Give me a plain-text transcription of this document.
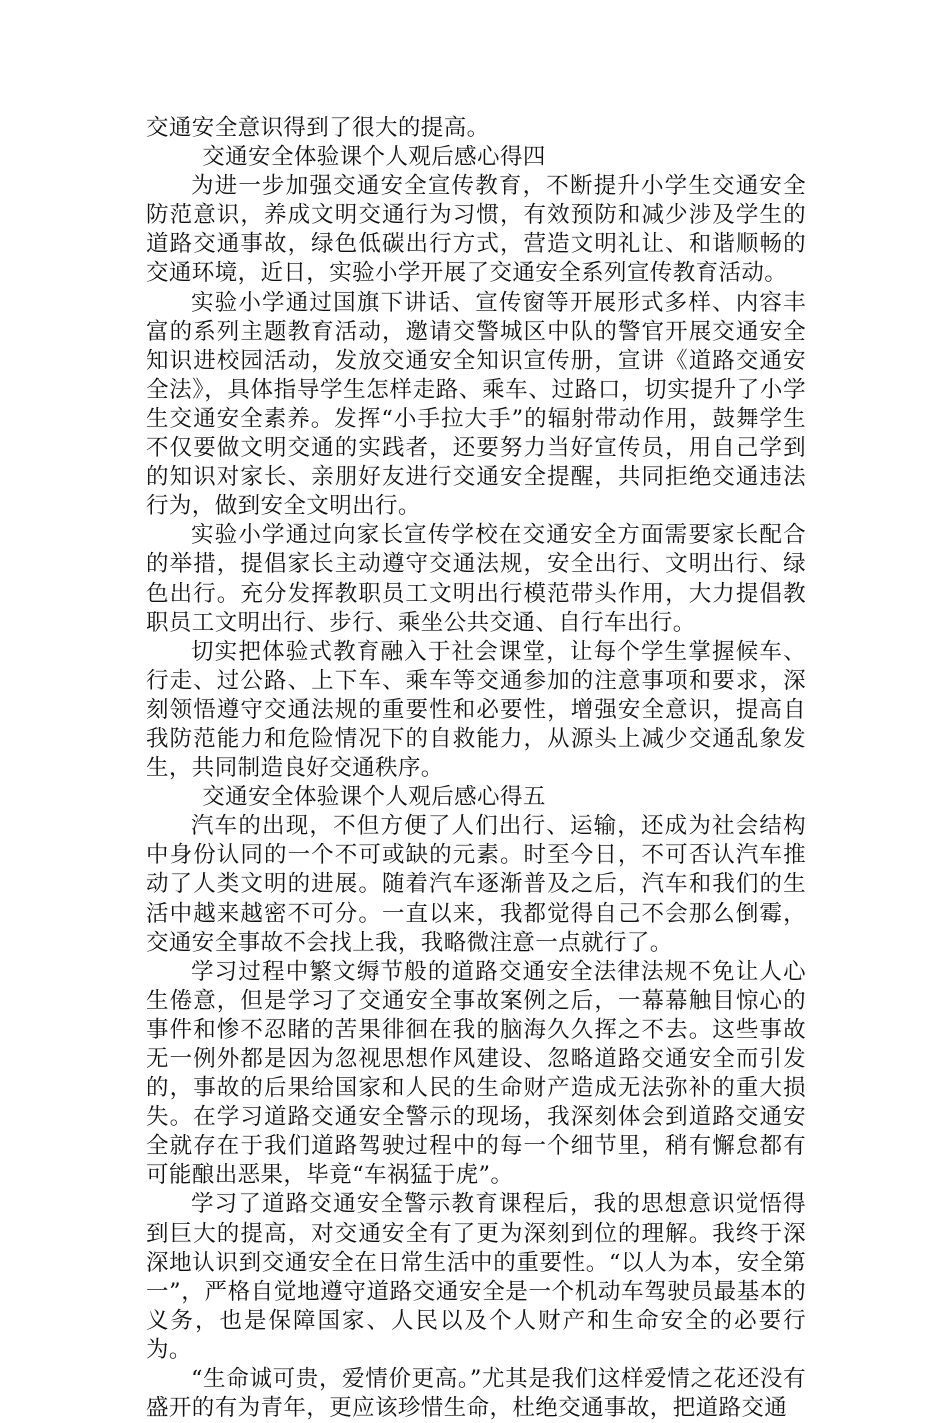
交通安全意识得到了很大的提高。

交通安全体验课个人观后感心得四

为进一步加强交通安全宣传教育，不断提升小学生交通安全防范意识，养成文明交通行为习惯，有效预防和减少涉及学生的道路交通事故，绿色低碳出行方式，营造文明礼让、和谐顺畅的交通环境，近日，实验小学开展了交通安全系列宣传教育活动。

实验小学通过国旗下讲话、宣传窗等开展形式多样、内容丰富的系列主题教育活动，邀请交警城区中队的警官开展交通安全知识进校园活动，发放交通安全知识宣传册，宣讲《道路交通安全法》，具体指导学生怎样走路、乘车、过路口，切实提升了小学生交通安全素养。发挥“小手拉大手”的辐射带动作用，鼓舞学生不仅要做文明交通的实践者，还要努力当好宣传员，用自己学到的知识对家长、亲朋好友进行交通安全提醒，共同拒绝交通违法行为，做到安全文明出行。

实验小学通过向家长宣传学校在交通安全方面需要家长配合的举措，提倡家长主动遵守交通法规，安全出行、文明出行、绿色出行。充分发挥教职员工文明出行模范带头作用，大力提倡教职员工文明出行、步行、乘坐公共交通、自行车出行。

切实把体验式教育融入于社会课堂，让每个学生掌握候车、行走、过公路、上下车、乘车等交通参加的注意事项和要求，深刻领悟遵守交通法规的重要性和必要性，增强安全意识，提高自我防范能力和危险情况下的自救能力，从源头上减少交通乱象发生，共同制造良好交通秩序。

交通安全体验课个人观后感心得五

汽车的出现，不但方便了人们出行、运输，还成为社会结构中身份认同的一个不可或缺的元素。时至今日，不可否认汽车推动了人类文明的进展。随着汽车逐渐普及之后，汽车和我们的生活中越来越密不可分。一直以来，我都觉得自己不会那么倒霉，交通安全事故不会找上我，我略微注意一点就行了。

学习过程中繁文缛节般的道路交通安全法律法规不免让人心生倦意，但是学习了交通安全事故案例之后，一幕幕触目惊心的事件和惨不忍睹的苦果徘徊在我的脑海久久挥之不去。这些事故无一例外都是因为忽视思想作风建设、忽略道路交通安全而引发的，事故的后果给国家和人民的生命财产造成无法弥补的重大损失。在学习道路交通安全警示的现场，我深刻体会到道路交通安全就存在于我们道路驾驶过程中的每一个细节里，稍有懈怠都有可能酿出恶果，毕竟“车祸猛于虎”。

学习了道路交通安全警示教育课程后，我的思想意识觉悟得到巨大的提高，对交通安全有了更为深刻到位的理解。我终于深深地认识到交通安全在日常生活中的重要性。“以人为本，安全第一”，严格自觉地遵守道路交通安全是一个机动车驾驶员最基本的义务，也是保障国家、人民以及个人财产和生命安全的必要行为。

“生命诚可贵，爱情价更高。”尤其是我们这样爱情之花还没有盛开的有为青年，更应该珍惜生命，杜绝交通事故，把道路交通
